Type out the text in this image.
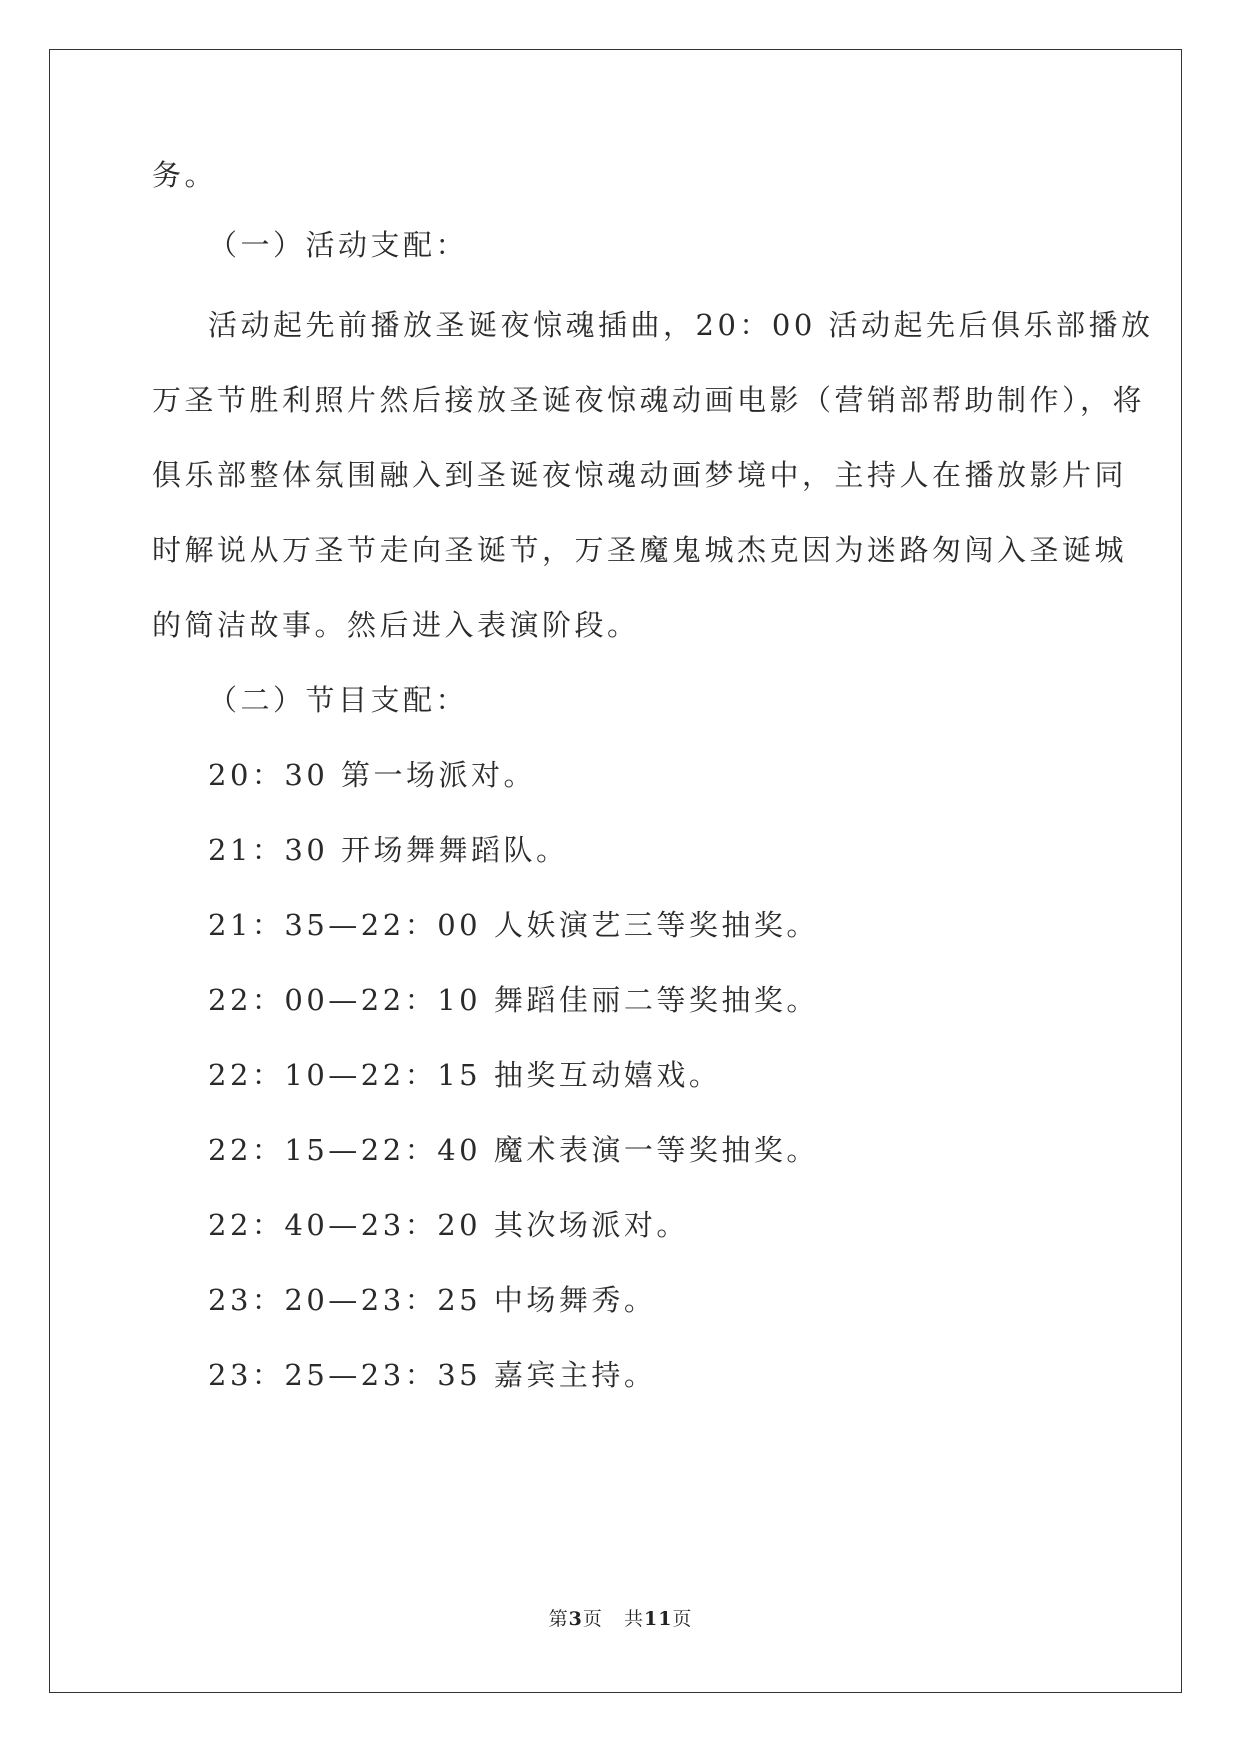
务。
（一）活动支配：
活动起先前播放圣诞夜惊魂插曲，20：00 活动起先后俱乐部播放
万圣节胜利照片然后接放圣诞夜惊魂动画电影（营销部帮助制作），将
俱乐部整体氛围融入到圣诞夜惊魂动画梦境中，主持人在播放影片同
时解说从万圣节走向圣诞节，万圣魔鬼城杰克因为迷路匆闯入圣诞城
的简洁故事。然后进入表演阶段。
（二）节目支配：
20：30 第一场派对。
21：30 开场舞舞蹈队。
21：35—22：00 人妖演艺三等奖抽奖。
22：00—22：10 舞蹈佳丽二等奖抽奖。
22：10—22：15 抽奖互动嬉戏。
22：15—22：40 魔术表演一等奖抽奖。
22：40—23：20 其次场派对。
23：20—23：25 中场舞秀。
23：25—23：35 嘉宾主持。
第3页 共11页
